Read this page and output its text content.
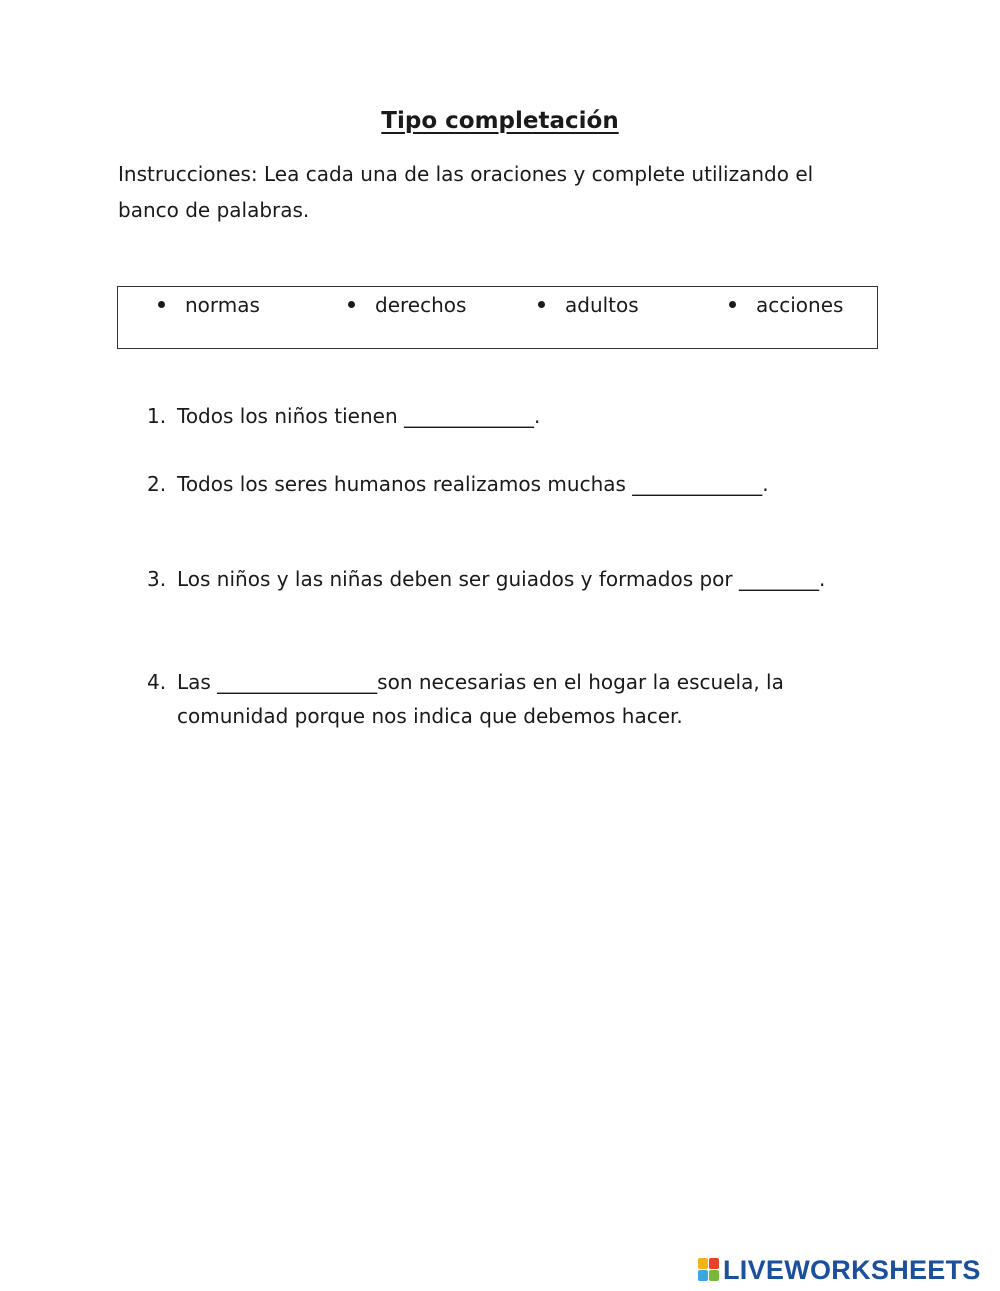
Tipo completación
Instrucciones: Lea cada una de las oraciones y complete utilizando el banco de palabras.
normas	derechos	adultos	acciones
1. Todos los niños tienen _____________.
2. Todos los seres humanos realizamos muchas _____________.
3. Los niños y las niñas deben ser guiados y formados por ________.
4. Las ________________son necesarias en el hogar la escuela, la
comunidad porque nos indica que debemos hacer.
LIVEWORKSHEETS
